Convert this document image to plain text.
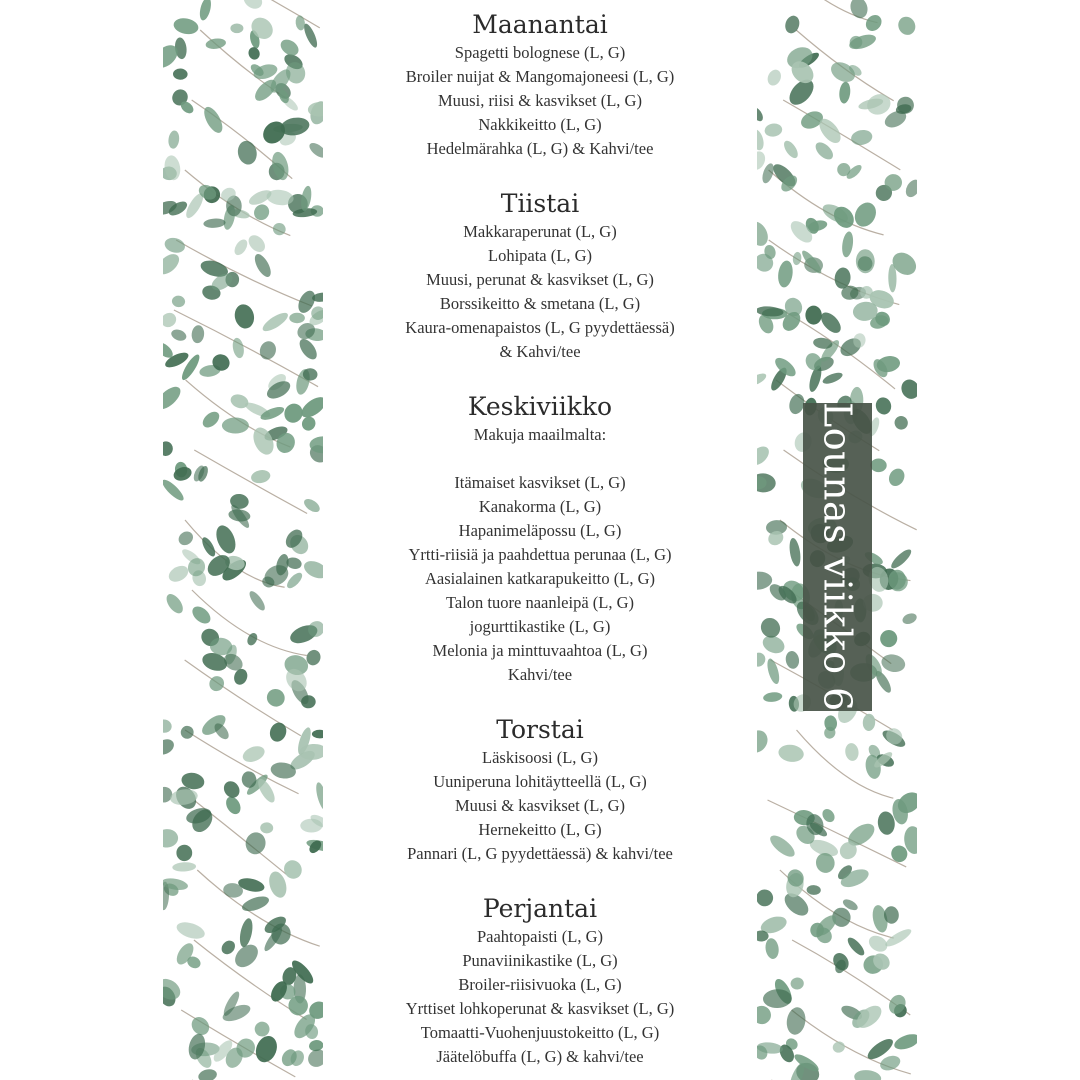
Maanantai

Spagetti bolognese (L, G)

Broiler nuijat & Mangomajoneesi (L, G)

Muusi, riisi & kasvikset (L, G)

Nakkikeitto (L, G)

Hedelmärahka (L, G) & Kahvi/tee

Tiistai

Makkaraperunat (L, G)

Lohipata (L, G)

Muusi, perunat & kasvikset (L, G)

Borssikeitto & smetana (L, G)

Kaura-omenapaistos (L, G pyydettäessä)

& Kahvi/tee

Keskiviikko

Makuja maailmalta:

Itämaiset kasvikset (L, G)

Kanakorma (L, G)

Hapanimeläpossu (L, G)

Yrtti-riisiä ja paahdettua perunaa (L, G)

Aasialainen katkarapukeitto (L, G)

Talon tuore naanleipä (L, G)

jogurttikastike (L, G)

Melonia ja minttuvaahtoa (L, G)

Kahvi/tee

Torstai

Läskisoosi (L, G)

Uuniperuna lohitäytteellä (L, G)

Muusi & kasvikset (L, G)

Hernekeitto (L, G)

Pannari (L, G pyydettäessä) & kahvi/tee

Perjantai

Paahtopaisti (L, G)

Punaviinikastike (L, G)

Broiler-riisivuoka (L, G)

Yrttiset lohkoperunat & kasvikset (L, G)

Tomaatti-Vuohenjuustokeitto (L, G)

Jäätelöbuffa (L, G) & kahvi/tee

Lounas viikko 6
